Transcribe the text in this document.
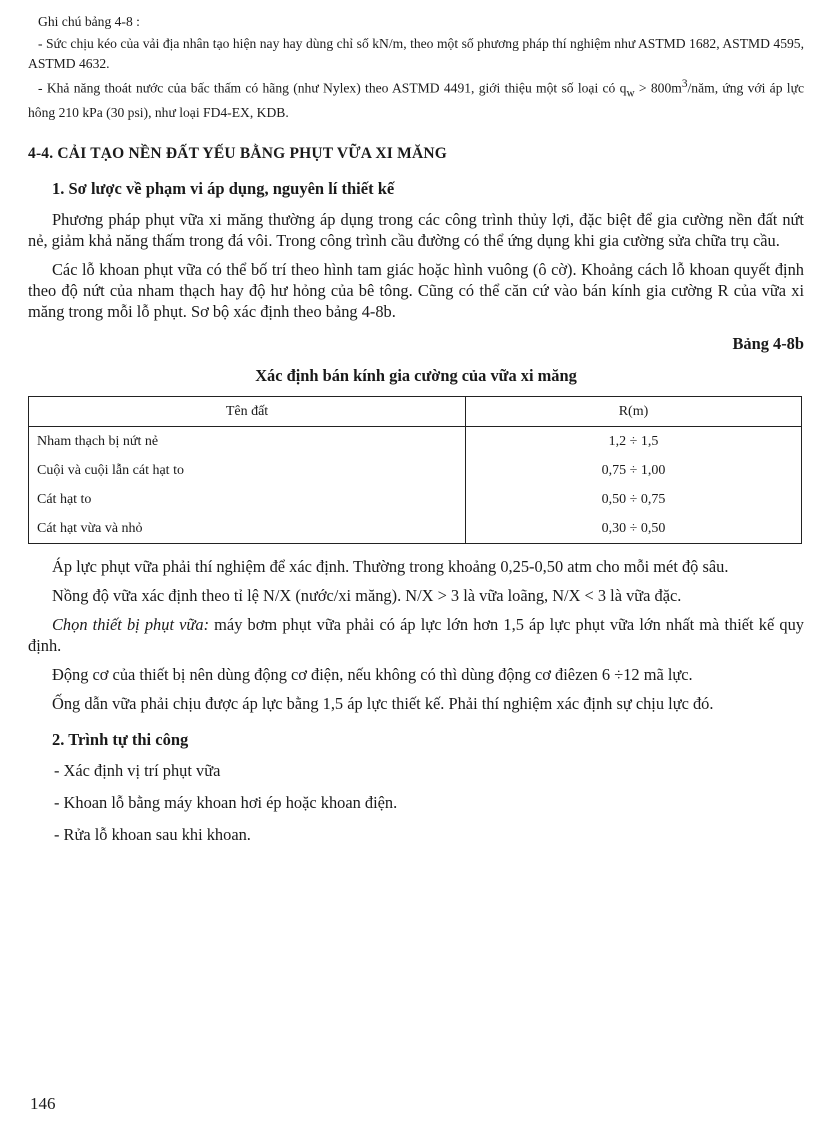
Ghi chú bảng 4-8 :

- Sức chịu kéo của vải địa nhân tạo hiện nay hay dùng chỉ số kN/m, theo một số phương pháp thí nghiệm như ASTMD 1682, ASTMD 4595, ASTMD 4632.

- Khả năng thoát nước của bấc thấm có hãng (như Nylex) theo ASTMD 4491, giới thiệu một số loại có $q_w$ > $800m^3$/năm, ứng với áp lực hông 210 kPa (30 psi), như loại FD4-EX, KDB.

4-4. CẢI TẠO NỀN ĐẤT YẾU BẰNG PHỤT VỮA XI MĂNG
1. Sơ lược về phạm vi áp dụng, nguyên lí thiết kế

Phương pháp phụt vữa xi măng thường áp dụng trong các công trình thủy lợi, đặc biệt để gia cường nền đất nứt nẻ, giảm khả năng thấm trong đá vôi. Trong công trình cầu đường có thể ứng dụng khi gia cường sửa chữa trụ cầu.

Các lỗ khoan phụt vữa có thể bố trí theo hình tam giác hoặc hình vuông (ô cờ). Khoảng cách lỗ khoan quyết định theo độ nứt của nham thạch hay độ hư hỏng của bê tông. Cũng có thể căn cứ vào bán kính gia cường R của vữa xi măng trong mỗi lỗ phụt. Sơ bộ xác định theo bảng 4-8b.

Bảng 4-8b
Xác định bán kính gia cường của vữa xi măng
Tên đất	R(m)
Nham thạch bị nứt nẻ	1,2 ÷ 1,5
Cuội và cuội lẫn cát hạt to	0,75 ÷ 1,00
Cát hạt to	0,50 ÷ 0,75
Cát hạt vừa và nhỏ	0,30 ÷ 0,50

Áp lực phụt vữa phải thí nghiệm để xác định. Thường trong khoảng 0,25-0,50 atm cho mỗi mét độ sâu.

Nồng độ vữa xác định theo tỉ lệ N/X (nước/xi măng). N/X > 3 là vữa loãng, N/X < 3 là vữa đặc.

Chọn thiết bị phụt vữa: máy bơm phụt vữa phải có áp lực lớn hơn 1,5 áp lực phụt vữa lớn nhất mà thiết kế quy định.

Động cơ của thiết bị nên dùng động cơ điện, nếu không có thì dùng động cơ điêzen 6 ÷12 mã lực.

Ống dẫn vữa phải chịu được áp lực bằng 1,5 áp lực thiết kế. Phải thí nghiệm xác định sự chịu lực đó.

2. Trình tự thi công

- Xác định vị trí phụt vữa

- Khoan lỗ bằng máy khoan hơi ép hoặc khoan điện.

- Rửa lỗ khoan sau khi khoan.

146
